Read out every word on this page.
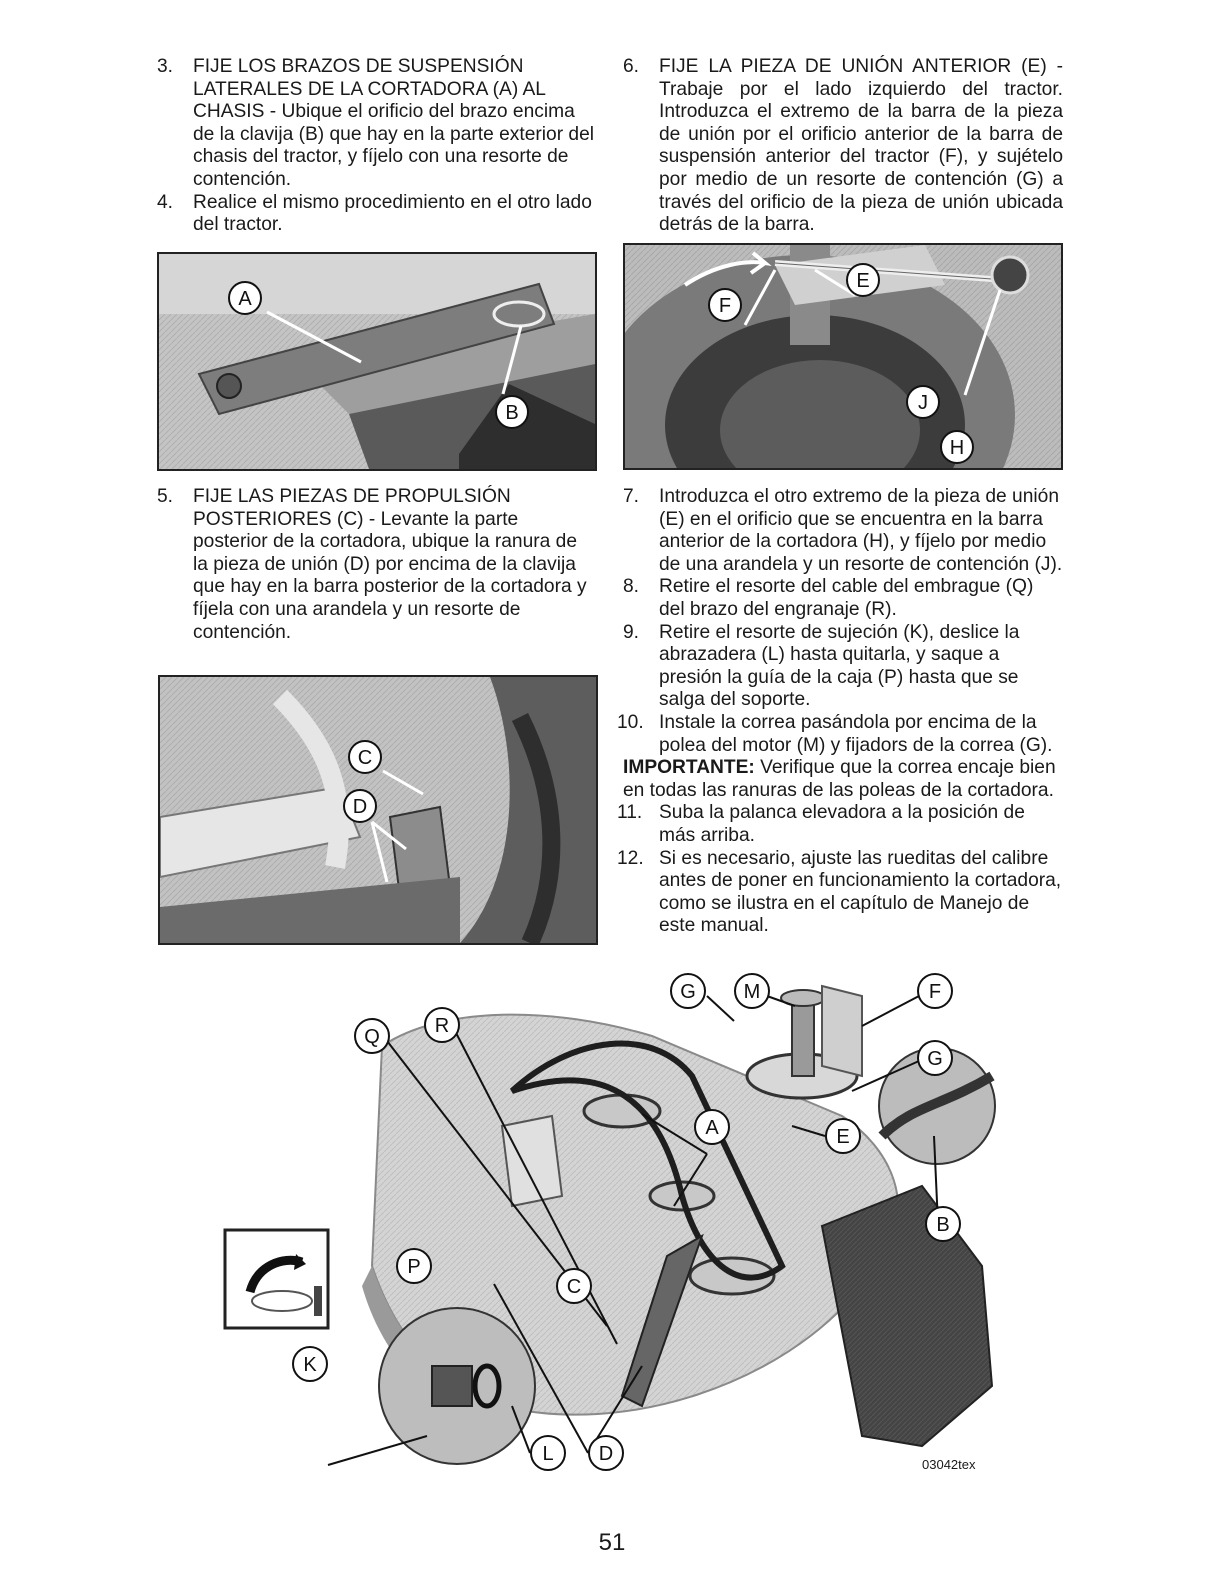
3.	FIJE LOS BRAZOS DE SUSPENSIÓN LATERALES DE LA CORTADORA (A) AL CHASIS - Ubique el orificio del brazo encima de la clavija (B) que hay en la parte exterior del chasis del tractor, y fíjelo con una resorte de contención.

4.	Realice el mismo procedimiento en el otro lado del tractor.

5.	FIJE LAS PIEZAS DE PROPULSIÓN POSTERIORES (C) - Levante la parte posterior de la cortadora, ubique la ranura de la pieza de unión (D) por encima de la clavija que hay en la barra posterior de la cortadora y fíjela con una arandela y un resorte de contención.

6.	FIJE LA PIEZA DE UNIÓN ANTERIOR (E) - Trabaje por el lado izquierdo del tractor. Introduzca el extremo de la barra de la pieza de unión por el orificio anterior de la barra de suspensión anterior del tractor (F), y sujételo por medio de un resorte de contención (G) a través del orificio de la pieza de unión ubicada detrás de la barra.

7.	Introduzca el otro extremo de la pieza de unión (E) en el orificio que se encuentra en la barra anterior de la cortadora (H), y fíjelo por medio de una arandela y un resorte de contención (J).

8.	Retire el resorte del cable del embrague (Q) del brazo del engranaje (R).

9.	Retire el resorte de sujeción (K), deslice la abrazadera (L) hasta quitarla, y saque a presión la guía de la caja (P) hasta que se salga del soporte.

10. Instale la correa pasándola por encima de la polea del motor (M) y fijadors de la correa (G).

IMPORTANTE: Verifique que la correa encaje bien en todas las ranuras de las poleas de la cortadora.

11. Suba la palanca elevadora a la posición de más arriba.

12. Si es necesario, ajuste las rueditas del calibre antes de poner en funcionamiento la cortadora, como se ilustra en el capítulo de Manejo de este manual.

A
B
E
F
J
H
C
D
G M	F
Q	R
G
A	E
B
P
C
K
L D	03042tex
51
